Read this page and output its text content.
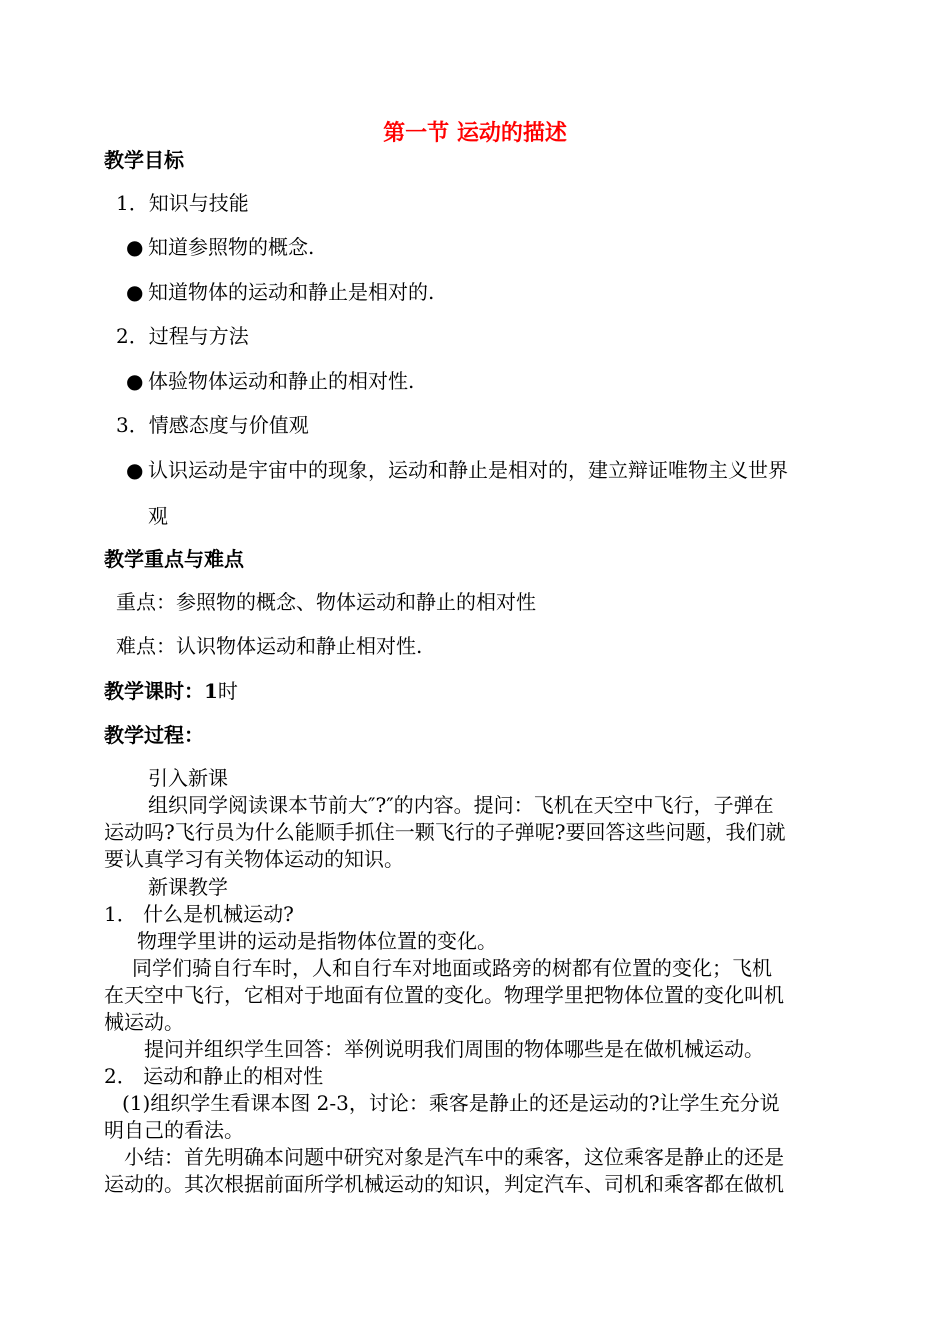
第一节 运动的描述
教学目标
1．知识与技能
● 知道参照物的概念.
● 知道物体的运动和静止是相对的.
2．过程与方法
● 体验物体运动和静止的相对性.
3．情感态度与价值观
● 认识运动是宇宙中的现象，运动和静止是相对的，建立辩证唯物主义世界
观
教学重点与难点
重点：参照物的概念、物体运动和静止的相对性
难点：认识物体运动和静止相对性.
教学课时：1时
教学过程：
引入新课
组织同学阅读课本节前大″?″的内容。提问：飞机在天空中飞行，子弹在
运动吗?飞行员为什么能顺手抓住一颗飞行的子弹呢?要回答这些问题，我们就
要认真学习有关物体运动的知识。
新课教学
1． 什么是机械运动?
物理学里讲的运动是指物体位置的变化。
同学们骑自行车时，人和自行车对地面或路旁的树都有位置的变化；飞机
在天空中飞行，它相对于地面有位置的变化。物理学里把物体位置的变化叫机
械运动。
提问并组织学生回答：举例说明我们周围的物体哪些是在做机械运动。
2． 运动和静止的相对性
(1)组织学生看课本图 2-3，讨论：乘客是静止的还是运动的?让学生充分说
明自己的看法。
小结：首先明确本问题中研究对象是汽车中的乘客，这位乘客是静止的还是
运动的。其次根据前面所学机械运动的知识，判定汽车、司机和乘客都在做机
